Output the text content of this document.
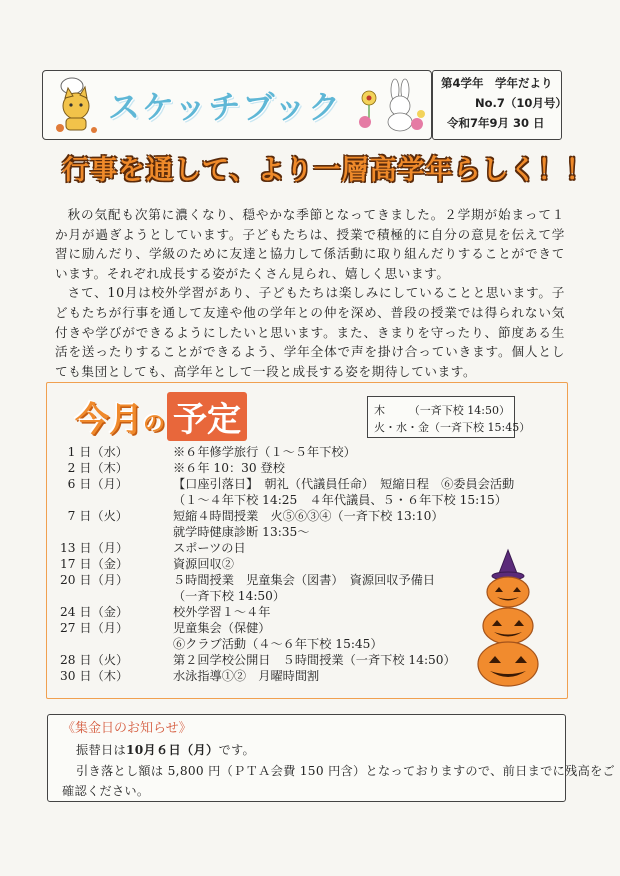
スケッチブック
第4学年　学年だより
No.7（10月号）
令和7年9月 30 日
行事を通して、より一層高学年らしく！！

秋の気配も次第に濃くなり、穏やかな季節となってきました。２学期が始まって１か月が過ぎようとしています。子どもたちは、授業で積極的に自分の意見を伝えて学習に励んだり、学級のために友達と協力して係活動に取り組んだりすることができています。それぞれ成長する姿がたくさん見られ、嬉しく思います。

さて、10月は校外学習があり、子どもたちは楽しみにしていることと思います。子どもたちが行事を通して友達や他の学年との仲を深め、普段の授業では得られない気付きや学びができるようにしたいと思います。また、きまりを守ったり、節度ある生活を送ったりすることができるよう、学年全体で声を掛け合っていきます。個人としても集団としても、高学年として一段と成長する姿を期待しています。

今月の 予定	木 （一斉下校 14:50）
火・水・金 （一斉下校 15:45）
1 日（水）	※６年修学旅行（１～５年下校）
2 日（木）	※６年 10：30 登校
6 日（月）	【口座引落日】　朝礼（代議員任命）　短縮日程　⑥委員会活動
（１～４年下校 14:25　４年代議員、５・６年下校 15:15）
7 日（火）	短縮４時間授業　火⑤⑥③④（一斉下校 13:10）
就学時健康診断 13:35～
13 日（月）	スポーツの日
17 日（金）	資源回収②
20 日（月）	５時間授業　児童集会（図書）　資源回収予備日
（一斉下校 14:50）
24 日（金）	校外学習１～４年
27 日（月）	児童集会（保健）
⑥クラブ活動（４～６年下校 15:45）
28 日（火）	第２回学校公開日　５時間授業（一斉下校 14:50）
30 日（木）	水泳指導①②　月曜時間割
《集金日のお知らせ》
振替日は10月６日（月）です。
引き落とし額は 5,800 円（ＰＴＡ会費 150 円含）となっておりますので、前日までに残高をご
確認ください。
